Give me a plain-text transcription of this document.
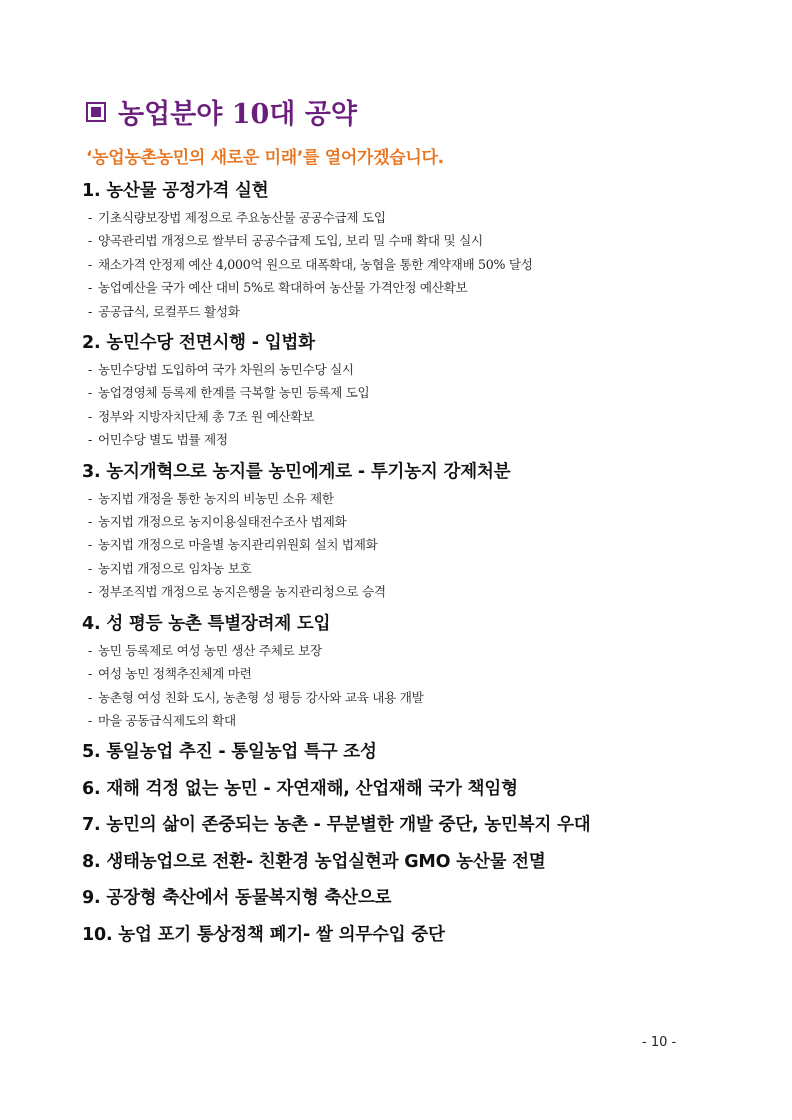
농업분야 10대 공약
‘농업농촌농민의 새로운 미래’를 열어가겠습니다.
1. 농산물 공정가격 실현
- 기초식량보장법 제정으로 주요농산물 공공수급제 도입
- 양곡관리법 개정으로 쌀부터 공공수급제 도입, 보리 밀 수매 확대 및 실시
- 채소가격 안정제 예산 4,000억 원으로 대폭확대, 농협을 통한 계약재배 50% 달성
- 농업예산을 국가 예산 대비 5%로 확대하여 농산물 가격안정 예산확보
- 공공급식, 로컬푸드 활성화
2. 농민수당 전면시행 - 입법화
- 농민수당법 도입하여 국가 차원의 농민수당 실시
- 농업경영체 등록제 한계를 극복할 농민 등록제 도입
- 정부와 지방자치단체 총 7조 원 예산확보
- 어민수당 별도 법률 제정
3. 농지개혁으로 농지를 농민에게로 - 투기농지 강제처분
- 농지법 개정을 통한 농지의 비농민 소유 제한
- 농지법 개정으로 농지이용실태전수조사 법제화
- 농지법 개정으로 마을별 농지관리위원회 설치 법제화
- 농지법 개정으로 임차농 보호
- 정부조직법 개정으로 농지은행을 농지관리청으로 승격
4. 성 평등 농촌 특별장려제 도입
- 농민 등록제로 여성 농민 생산 주체로 보장
- 여성 농민 정책추진체계 마련
- 농촌형 여성 친화 도시, 농촌형 성 평등 강사와 교육 내용 개발
- 마을 공동급식제도의 확대
5. 통일농업 추진 - 통일농업 특구 조성
6. 재해 걱정 없는 농민 - 자연재해, 산업재해 국가 책임형
7. 농민의 삶이 존중되는 농촌 - 무분별한 개발 중단, 농민복지 우대
8. 생태농업으로 전환- 친환경 농업실현과 GMO 농산물 전멸
9. 공장형 축산에서 동물복지형 축산으로
10. 농업 포기 통상정책 폐기- 쌀 의무수입 중단
- 10 -
